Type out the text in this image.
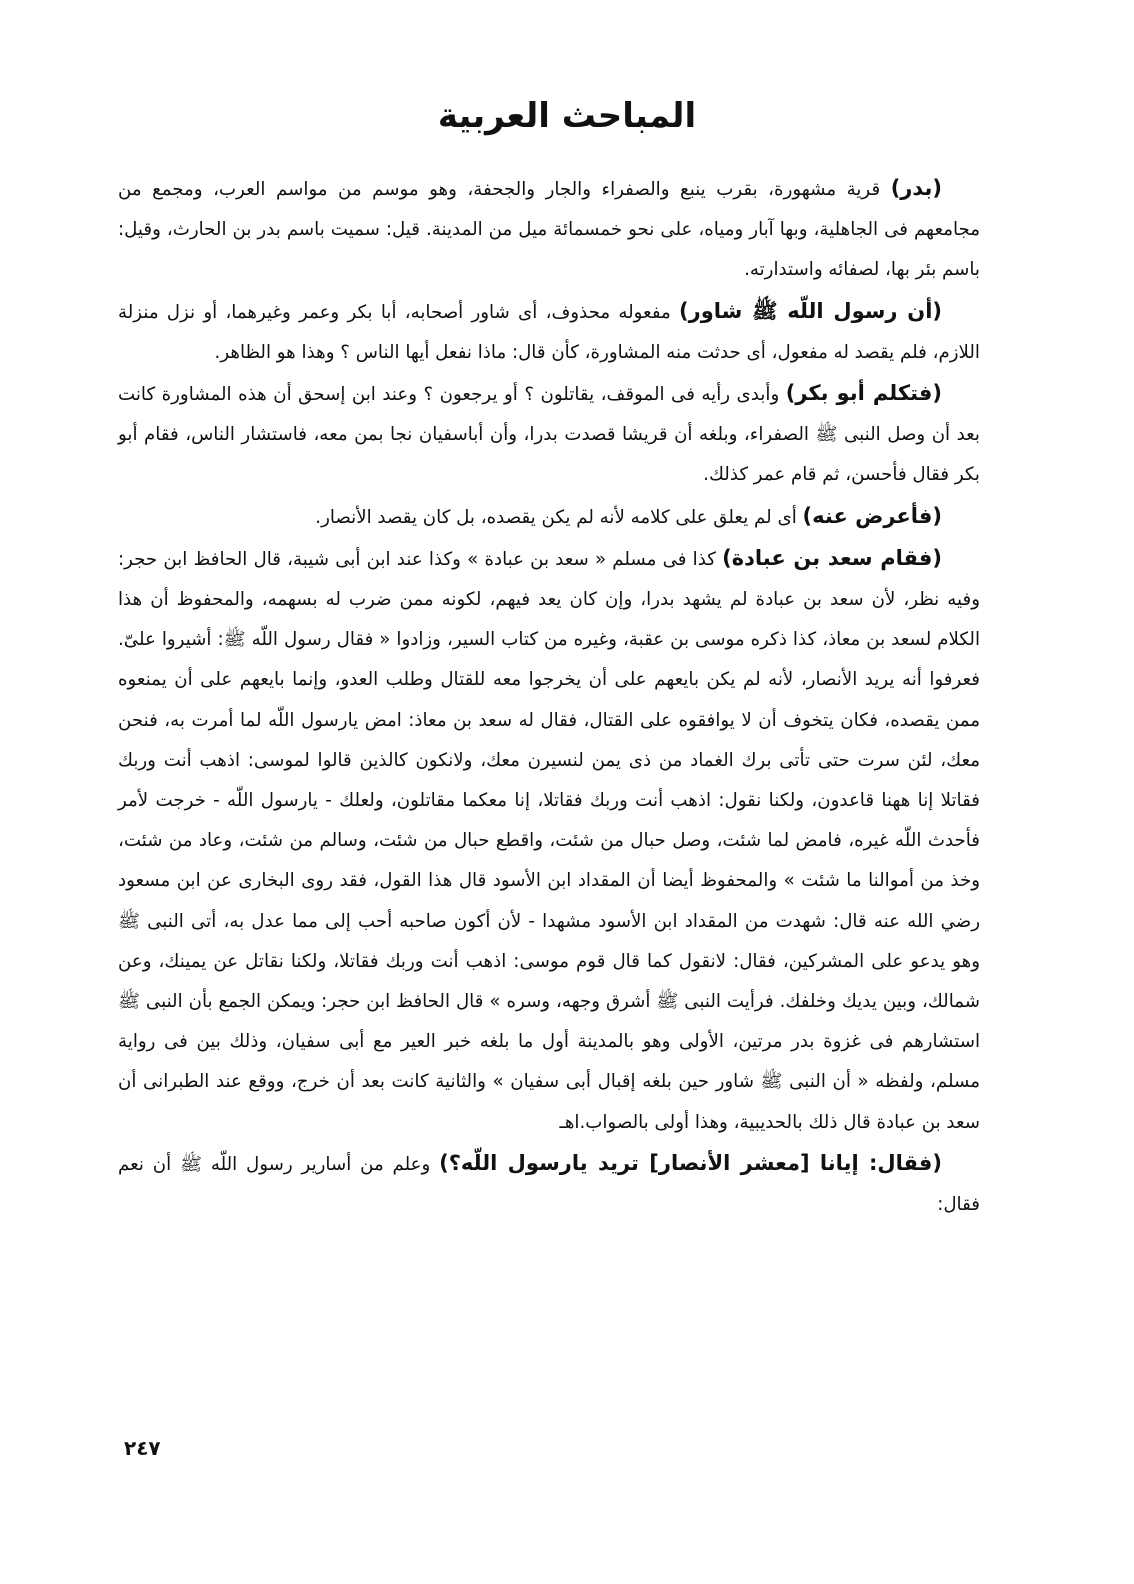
المباحث العربية

(بدر) قرية مشهورة، بقرب ينبع والصفراء والجار والجحفة، وهو موسم من مواسم العرب، ومجمع من مجامعهم فى الجاهلية، وبها آبار ومياه، على نحو خمسمائة ميل من المدينة. قيل: سميت باسم بدر بن الحارث، وقيل: باسم بئر بها، لصفائه واستدارته.

(أن رسول اللّه ﷺ شاور) مفعوله محذوف، أى شاور أصحابه، أبا بكر وعمر وغيرهما، أو نزل منزلة اللازم، فلم يقصد له مفعول، أى حدثت منه المشاورة، كأن قال: ماذا نفعل أيها الناس ؟ وهذا هو الظاهر.

(فتكلم أبو بكر) وأبدى رأيه فى الموقف، يقاتلون ؟ أو يرجعون ؟ وعند ابن إسحق أن هذه المشاورة كانت بعد أن وصل النبى ﷺ الصفراء، وبلغه أن قريشا قصدت بدرا، وأن أباسفيان نجا بمن معه، فاستشار الناس، فقام أبو بكر فقال فأحسن، ثم قام عمر كذلك.

(فأعرض عنه) أى لم يعلق على كلامه لأنه لم يكن يقصده، بل كان يقصد الأنصار.

(فقام سعد بن عبادة) كذا فى مسلم « سعد بن عبادة » وكذا عند ابن أبى شيبة، قال الحافظ ابن حجر: وفيه نظر، لأن سعد بن عبادة لم يشهد بدرا، وإن كان يعد فيهم، لكونه ممن ضرب له بسهمه، والمحفوظ أن هذا الكلام لسعد بن معاذ، كذا ذكره موسى بن عقبة، وغيره من كتاب السير، وزادوا « فقال رسول اللّه ﷺ: أشيروا علىّ. فعرفوا أنه يريد الأنصار، لأنه لم يكن بايعهم على أن يخرجوا معه للقتال وطلب العدو، وإنما بايعهم على أن يمنعوه ممن يقصده، فكان يتخوف أن لا يوافقوه على القتال، فقال له سعد بن معاذ: امض يارسول اللّه لما أمرت به، فنحن معك، لئن سرت حتى تأتى برك الغماد من ذى يمن لنسيرن معك، ولانكون كالذين قالوا لموسى: اذهب أنت وربك فقاتلا إنا ههنا قاعدون، ولكنا نقول: اذهب أنت وربك فقاتلا، إنا معكما مقاتلون، ولعلك - يارسول اللّه - خرجت لأمر فأحدث اللّه غيره، فامض لما شئت، وصل حبال من شئت، واقطع حبال من شئت، وسالم من شئت، وعاد من شئت، وخذ من أموالنا ما شئت » والمحفوظ أيضا أن المقداد ابن الأسود قال هذا القول، فقد روى البخارى عن ابن مسعود رضي الله عنه قال: شهدت من المقداد ابن الأسود مشهدا - لأن أكون صاحبه أحب إلى مما عدل به، أتى النبى ﷺ وهو يدعو على المشركين، فقال: لانقول كما قال قوم موسى: اذهب أنت وربك فقاتلا، ولكنا نقاتل عن يمينك، وعن شمالك، وبين يديك وخلفك. فرأيت النبى ﷺ أشرق وجهه، وسره » قال الحافظ ابن حجر: ويمكن الجمع بأن النبى ﷺ استشارهم فى غزوة بدر مرتين، الأولى وهو بالمدينة أول ما بلغه خبر العير مع أبى سفيان، وذلك بين فى رواية مسلم، ولفظه « أن النبى ﷺ شاور حين بلغه إقبال أبى سفيان » والثانية كانت بعد أن خرج، ووقع عند الطبرانى أن سعد بن عبادة قال ذلك بالحديبية، وهذا أولى بالصواب.اهـ

(فقال: إيانا [معشر الأنصار] تريد يارسول اللّه؟) وعلم من أسارير رسول اللّه ﷺ أن نعم فقال:

٢٤٧
